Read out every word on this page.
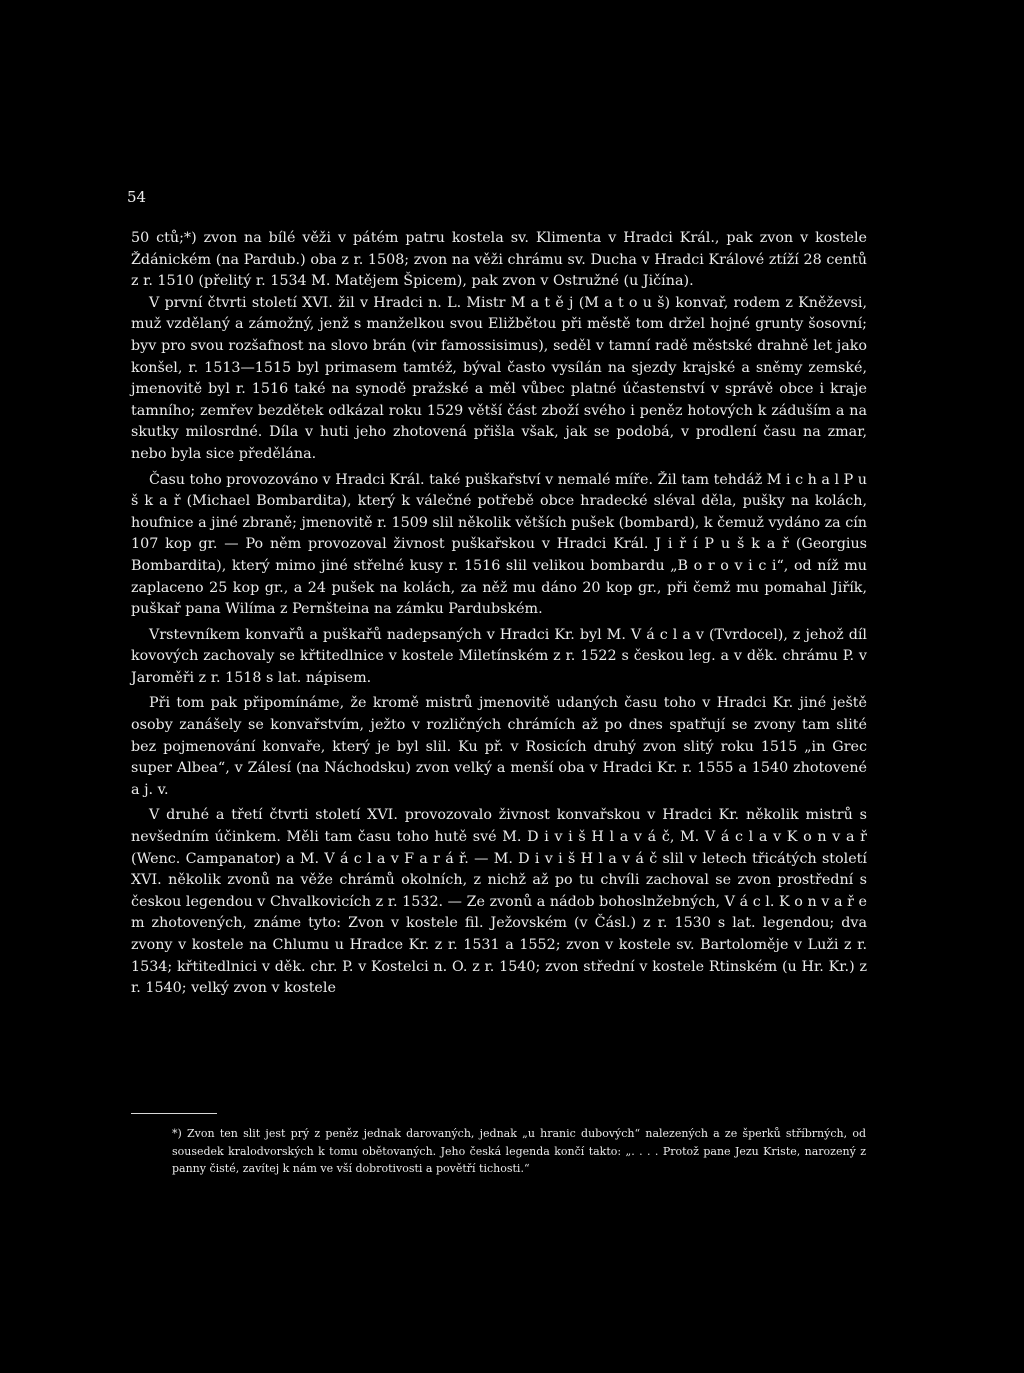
54

50 ctů;*) zvon na bílé věži v pátém patru kostela sv. Klimenta v Hradci Král., pak zvon v kostele Ždánickém (na Pardub.) oba z r. 1508; zvon na věži chrámu sv. Ducha v Hradci Králové ztíží 28 centů z r. 1510 (přelitý r. 1534 M. Matějem Špicem), pak zvon v Ostružné (u Jičína).

V první čtvrti století XVI. žil v Hradci n. L. Mistr M a t ě j (M a t o u š) konvař, rodem z Kněževsi, muž vzdělaný a zámožný, jenž s manželkou svou Eližbětou při městě tom držel hojné grunty šosovní; byv pro svou rozšafnost na slovo brán (vir famossisimus), seděl v tamní radě městské drahně let jako konšel, r. 1513—1515 byl primasem tamtéž, býval často vysílán na sjezdy krajské a sněmy zemské, jmenovitě byl r. 1516 také na synodě pražské a měl vůbec platné účastenství v správě obce i kraje tamního; zemřev bezdětek odkázal roku 1529 větší část zboží svého i peněz hotových k záduším a na skutky milosrdné. Díla v huti jeho zhotovená přišla však, jak se podobá, v prodlení času na zmar, nebo byla sice předělána.

Času toho provozováno v Hradci Král. také puškařství v nemalé míře. Žil tam tehdáž M i c h a l P u š k a ř (Michael Bombardita), který k válečné potřebě obce hradecké sléval děla, pušky na kolách, houfnice a jiné zbraně; jmenovitě r. 1509 slil několik větších pušek (bombard), k čemuž vydáno za cín 107 kop gr. — Po něm provozoval živnost puškařskou v Hradci Král. J i ř í P u š k a ř (Georgius Bombardita), který mimo jiné střelné kusy r. 1516 slil velikou bombardu „B o r o v i c i“, od níž mu zaplaceno 25 kop gr., a 24 pušek na kolách, za něž mu dáno 20 kop gr., při čemž mu pomahal Jiřík, puškař pana Wilíma z Pernšteina na zámku Pardubském.

Vrstevníkem konvařů a puškařů nadepsaných v Hradci Kr. byl M. V á c l a v (Tvrdocel), z jehož díl kovových zachovaly se křtitedlnice v kostele Miletínském z r. 1522 s českou leg. a v děk. chrámu P. v Jaroměři z r. 1518 s lat. nápisem.

Při tom pak připomínáme, že kromě mistrů jmenovitě udaných času toho v Hradci Kr. jiné ještě osoby zanášely se konvařstvím, ježto v rozličných chrámích až po dnes spatřují se zvony tam slité bez pojmenování konvaře, který je byl slil. Ku př. v Rosicích druhý zvon slitý roku 1515 „in Grec super Albea“, v Zálesí (na Náchodsku) zvon velký a menší oba v Hradci Kr. r. 1555 a 1540 zhotovené a j. v.

V druhé a třetí čtvrti století XVI. provozovalo živnost konvařskou v Hradci Kr. několik mistrů s nevšedním účinkem. Měli tam času toho hutě své M. D i v i š H l a v á č, M. V á c l a v K o n v a ř (Wenc. Campanator) a M. V á c l a v F a r á ř. — M. D i v i š H l a v á č slil v letech třicátých století XVI. několik zvonů na věže chrámů okolních, z nichž až po tu chvíli zachoval se zvon prostřední s českou legendou v Chvalkovicích z r. 1532. — Ze zvonů a nádob bohoslnžebných, V á c l. K o n v a ř e m zhotovených, známe tyto: Zvon v kostele fil. Ježovském (v Čásl.) z r. 1530 s lat. legendou; dva zvony v kostele na Chlumu u Hradce Kr. z r. 1531 a 1552; zvon v kostele sv. Bartoloměje v Luži z r. 1534; křtitedlnici v děk. chr. P. v Kostelci n. O. z r. 1540; zvon střední v kostele Rtinském (u Hr. Kr.) z r. 1540; velký zvon v kostele

*) Zvon ten slit jest prý z peněz jednak darovaných, jednak „u hranic dubových“ nalezených a ze šperků stříbrných, od sousedek kralodvorských k tomu obětovaných. Jeho česká legenda končí takto: „. . . . Protož pane Jezu Kriste, narozený z panny čisté, zavítej k nám ve vší dobrotivosti a povětří tichosti.“
